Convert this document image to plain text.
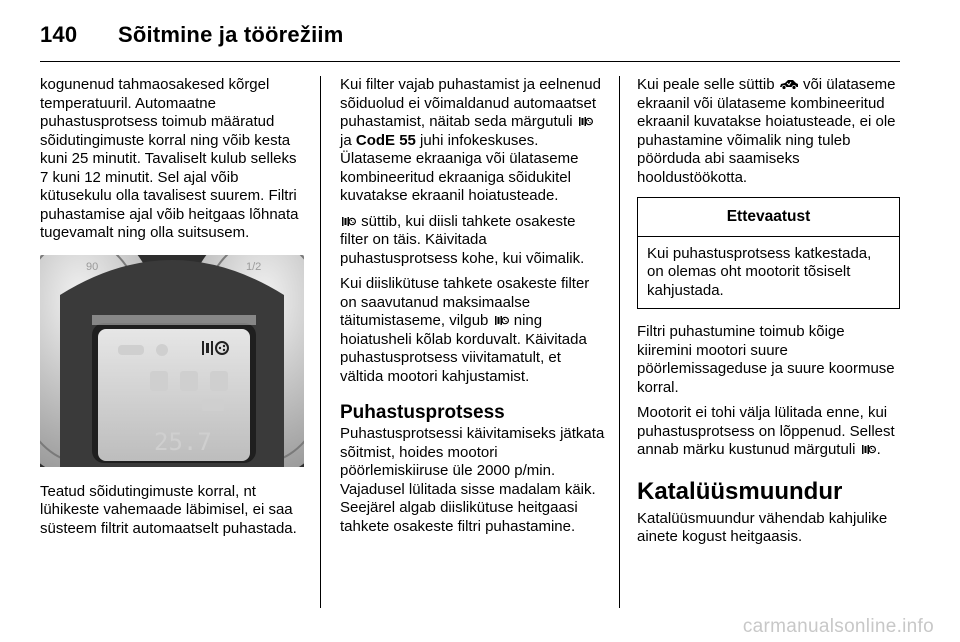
140 Sõitmine ja töörežiim

kogunenud tahmaosakesed kõrgel temperatuuril. Automaatne puhastusprotsess toimub määratud sõidutingimuste korral ning võib kesta kuni 25 minutit. Tavaliselt kulub selleks 7 kuni 12 minutit. Sel ajal võib kütusekulu olla tavalisest suurem. Filtri puhastamise ajal võib heitgaas lõhnata tugevamalt ning olla suitsusem.

90	1/2
25.7

Teatud sõidutingimuste korral, nt lühikeste vahemaade läbimisel, ei saa süsteem filtrit automaatselt puhastada.

Kui filter vajab puhastamist ja eelnenud sõiduolud ei võimaldanud automaatset puhastamist, näitab seda märgutuli  ja CodE 55 juhi infokeskuses. Ülataseme ekraaniga või ülataseme kombineeritud ekraaniga sõidukitel kuvatakse ekraanil hoiatusteade.

süttib, kui diisli tahkete osakeste filter on täis. Käivitada puhastusprotsess kohe, kui võimalik.

Kui diislikütuse tahkete osakeste filter on saavutanud maksimaalse täitumistaseme, vilgub ning hoiatusheli kõlab korduvalt. Käivitada puhastusprotsess viivitamatult, et vältida mootori kahjustamist.

Puhastusprotsess

Puhastusprotsessi käivitamiseks jätkata sõitmist, hoides mootori pöörlemiskiiruse üle 2000 p/min. Vajadusel lülitada sisse madalam käik. Seejärel algab diislikütuse heitgaasi tahkete osakeste filtri puhastamine.

Kui peale selle süttib või ülataseme ekraanil või ülataseme kombineeritud ekraanil kuvatakse hoiatusteade, ei ole puhastamine võimalik ning tuleb pöörduda abi saamiseks hooldustöökotta.

Ettevaatust
Kui puhastusprotsess katkestada, on olemas oht mootorit tõsiselt kahjustada.

Filtri puhastumine toimub kõige kiiremini mootori suure pöörlemissageduse ja suure koormuse korral.

Mootorit ei tohi välja lülitada enne, kui puhastusprotsess on lõppenud. Sellest annab märku kustunud märgutuli .

Katalüüsmuundur

Katalüüsmuundur vähendab kahjulike ainete kogust heitgaasis.

carmanualsonline.info
